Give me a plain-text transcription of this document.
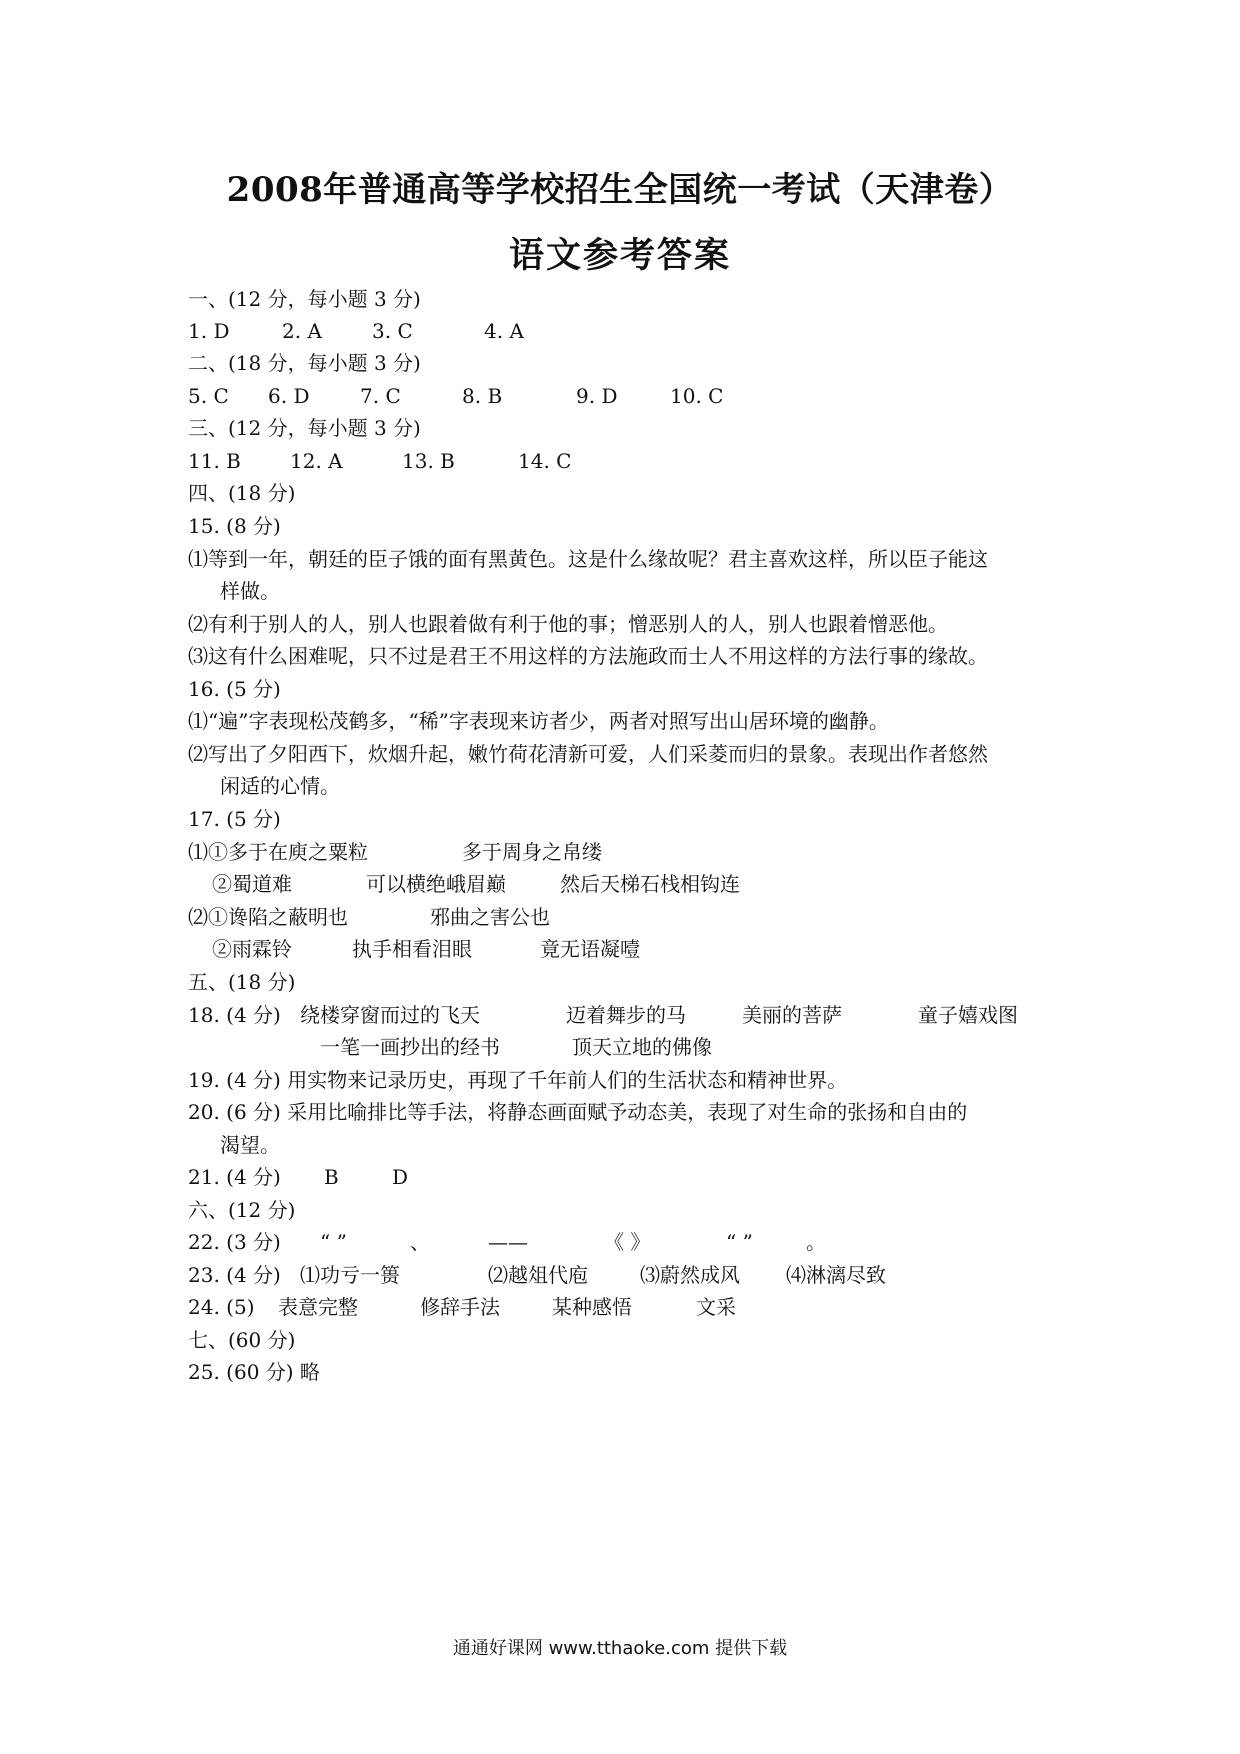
2008年普通高等学校招生全国统一考试（天津卷）
语文参考答案
一、(12 分，每小题 3 分)
1. D	2. A	3. C	4. A
二、(18 分，每小题 3 分)
5. C 6. D	7. C	8. B	9. D	10. C
三、(12 分，每小题 3 分)
11. B 12. A	13. B	14. C
四、(18 分)
15. (8 分)
⑴等到一年，朝廷的臣子饿的面有黑黄色。这是什么缘故呢？君主喜欢这样，所以臣子能这
样做。
⑵有利于别人的人，别人也跟着做有利于他的事；憎恶别人的人，别人也跟着憎恶他。
⑶这有什么困难呢，只不过是君王不用这样的方法施政而士人不用这样的方法行事的缘故。
16. (5 分)
⑴“遍”字表现松茂鹤多，“稀”字表现来访者少，两者对照写出山居环境的幽静。
⑵写出了夕阳西下，炊烟升起，嫩竹荷花清新可爱，人们采菱而归的景象。表现出作者悠然
闲适的心情。
17. (5 分)
⑴①多于在庾之粟粒	多于周身之帛缕
②蜀道难	可以横绝峨眉巅	然后天梯石栈相钩连
⑵①谗陷之蔽明也	邪曲之害公也
②雨霖铃	执手相看泪眼	竟无语凝噎
五、(18 分)
18. (4 分) 绕楼穿窗而过的飞天	迈着舞步的马	美丽的菩萨	童子嬉戏图
一笔一画抄出的经书	顶天立地的佛像
19. (4 分) 用实物来记录历史，再现了千年前人们的生活状态和精神世界。
20. (6 分) 采用比喻排比等手法，将静态画面赋予动态美，表现了对生命的张扬和自由的
渴望。
21. (4 分) B	D
六、(12 分)
22. (3 分) “ ”	、	——	《 》	“ ”	。
23. (4 分) ⑴功亏一篑	⑵越俎代庖	⑶蔚然成风 ⑷淋漓尽致
24. (5) 表意完整	修辞手法	某种感悟	文采
七、(60 分)
25. (60 分) 略
通通好课网 www.tthaoke.com 提供下载
